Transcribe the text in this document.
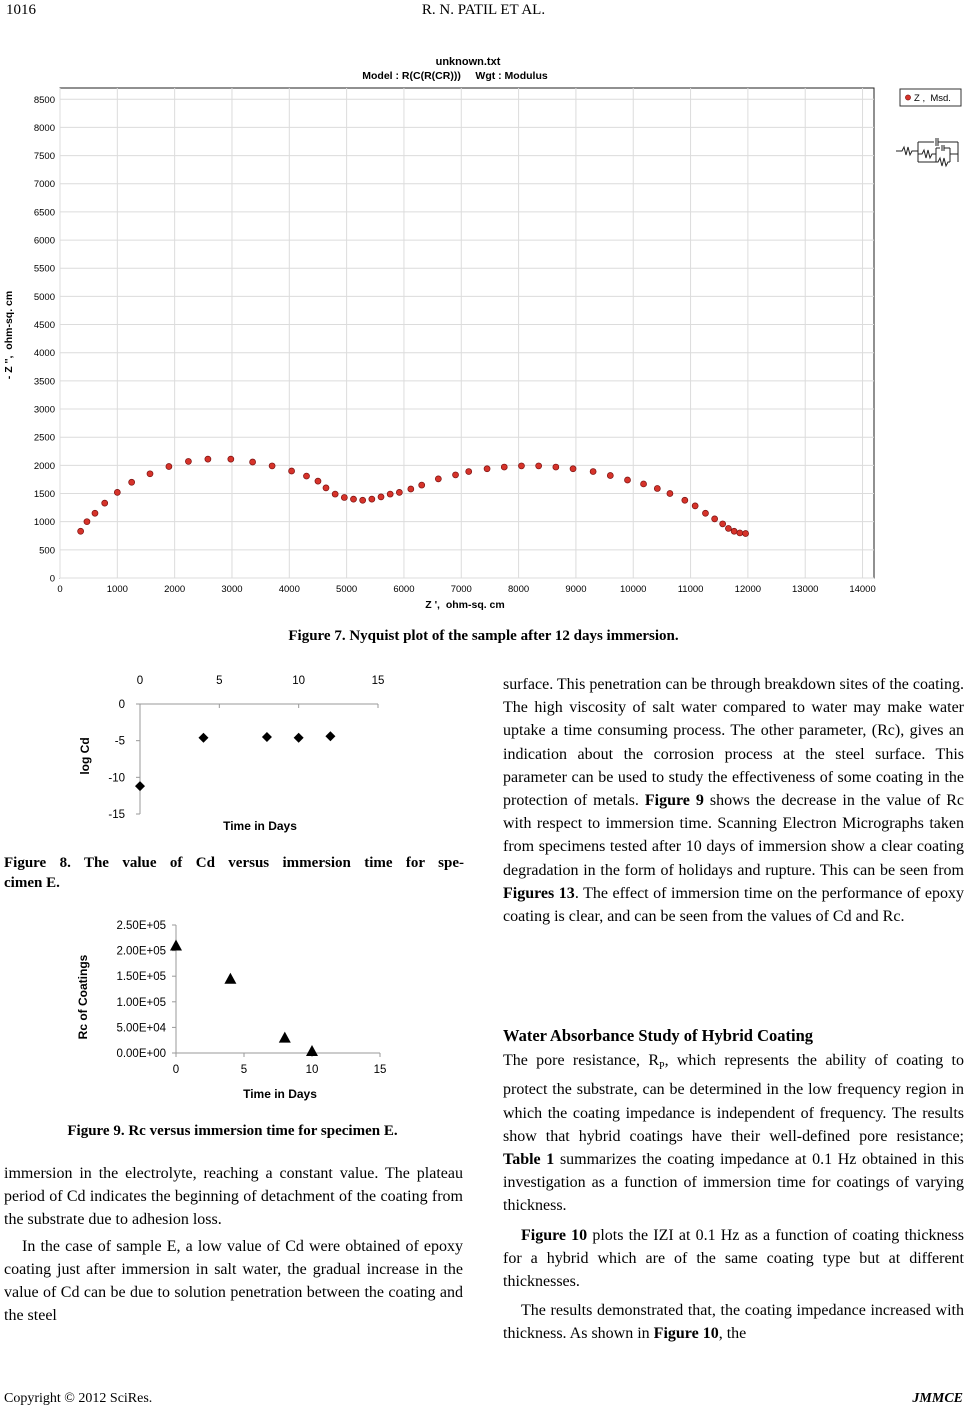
1016	R. N. PATIL ET AL.
unknown.txt
Model : R(C(R(CR)))     Wgt : Modulus
0	1000	2000	3000	4000	5000	6000	7000	8000	9000	10000	11000	12000	13000	14000
0
500
1000
1500
2000
2500
3000
3500
4000
4500
5000
5500
6000
6500
7000
7500
8000
8500
Z ',  ohm-sq. cm
- Z '',  ohm-sq. cm
Z ,  Msd.
Figure 7. Nyquist plot of the sample after 12 days immersion.
0	5	10	15
0
-5
-10
-15
Time in Days
log Cd
Figure 8. The value of Cd versus immersion time for spe-
cimen E.
0	5	10	15
2.50E+05
2.00E+05
1.50E+05
1.00E+05
5.00E+04
0.00E+00
Time in Days
Rc of Coatings
Figure 9. Rc versus immersion time for specimen E.

immersion in the electrolyte, reaching a constant value. The plateau period of Cd indicates the beginning of detachment of the coating from the substrate due to adhesion loss.

In the case of sample E, a low value of Cd were obtained of epoxy coating just after immersion in salt water, the gradual increase in the value of Cd can be due to solution penetration between the coating and the steel

surface. This penetration can be through breakdown sites of the coating. The high viscosity of salt water compared to water may make water uptake a time consuming process. The other parameter, (Rc), gives an indication about the corrosion process at the steel surface. This parameter can be used to study the effectiveness of some coating in the protection of metals. Figure 9 shows the decrease in the value of Rc with respect to immersion time. Scanning Electron Micrographs taken from specimens tested after 10 days of immersion show a clear coating degradation in the form of holidays and rupture. This can be seen from Figures 13. The effect of immersion time on the performance of epoxy coating is clear, and can be seen from the values of Cd and Rc.

Water Absorbance Study of Hybrid Coating

The pore resistance, $R_P$, which represents the ability of coating to protect the substrate, can be determined in the low frequency region in which the coating impedance is independent of frequency. The results show that hybrid coatings have their well-defined pore resistance; Table 1 summarizes the coating impedance at 0.1 Hz obtained in this investigation as a function of immersion time for coatings of varying thickness.

Figure 10 plots the IZI at 0.1 Hz as a function of coating thickness for a hybrid which are of the same coating type but at different thicknesses.

The results demonstrated that, the coating impedance increased with thickness. As shown in Figure 10, the

Copyright © 2012 SciRes.	JMMCE
